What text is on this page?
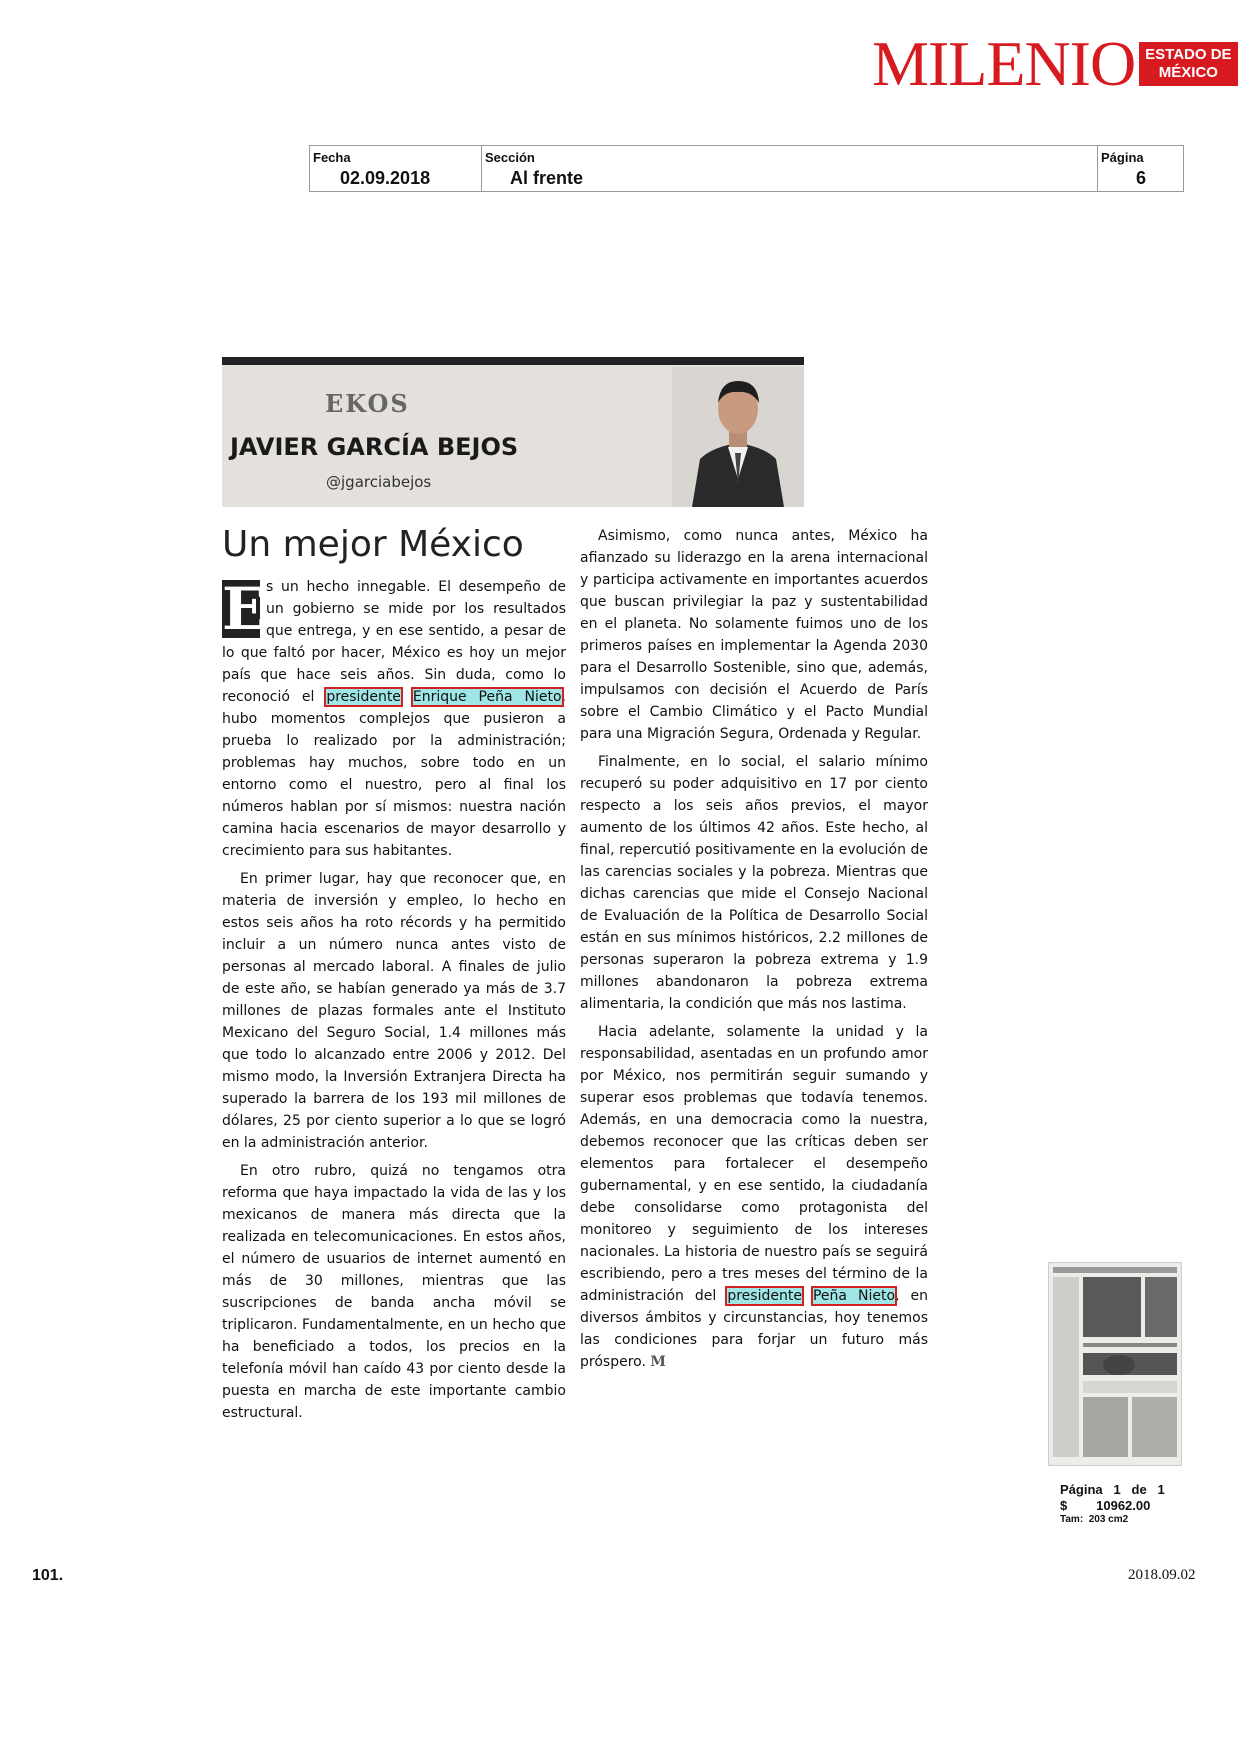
MILENIO ESTADO DE
MÉXICO
Fecha
02.09.2018
Sección
Al frente
Página
6
EKOS
JAVIER GARCÍA BEJOS
@jgarciabejos
Un mejor México

E s un hecho innegable. El desempeño de un gobierno se mide por los resultados que entrega, y en ese sentido, a pesar de lo que faltó por hacer, México es hoy un mejor país que hace seis años. Sin duda, como lo reconoció el presidente Enrique Peña Nieto, hubo momentos complejos que pusieron a prueba lo realizado por la administración; problemas hay muchos, sobre todo en un entorno como el nuestro, pero al final los números hablan por sí mismos: nuestra nación camina hacia escenarios de mayor desarrollo y crecimiento para sus habitantes.

En primer lugar, hay que reconocer que, en materia de inversión y empleo, lo hecho en estos seis años ha roto récords y ha permitido incluir a un número nunca antes visto de personas al mercado laboral. A finales de julio de este año, se habían generado ya más de 3.7 millones de plazas formales ante el Instituto Mexicano del Seguro Social, 1.4 millones más que todo lo alcanzado entre 2006 y 2012. Del mismo modo, la Inversión Extranjera Directa ha superado la barrera de los 193 mil millones de dólares, 25 por ciento superior a lo que se logró en la administración anterior.

En otro rubro, quizá no tengamos otra reforma que haya impactado la vida de las y los mexicanos de manera más directa que la realizada en telecomunicaciones. En estos años, el número de usuarios de internet aumentó en más de 30 millones, mientras que las suscripciones de banda ancha móvil se triplicaron. Fundamentalmente, en un hecho que ha beneficiado a todos, los precios en la telefonía móvil han caído 43 por ciento desde la puesta en marcha de este importante cambio estructural.

Asimismo, como nunca antes, México ha afianzado su liderazgo en la arena internacional y participa activamente en importantes acuerdos que buscan privilegiar la paz y sustentabilidad en el planeta. No solamente fuimos uno de los primeros países en implementar la Agenda 2030 para el Desarrollo Sostenible, sino que, además, impulsamos con decisión el Acuerdo de París sobre el Cambio Climático y el Pacto Mundial para una Migración Segura, Ordenada y Regular.

Finalmente, en lo social, el salario mínimo recuperó su poder adquisitivo en 17 por ciento respecto a los seis años previos, el mayor aumento de los últimos 42 años. Este hecho, al final, repercutió positivamente en la evolución de las carencias sociales y la pobreza. Mientras que dichas carencias que mide el Consejo Nacional de Evaluación de la Política de Desarrollo Social están en sus mínimos históricos, 2.2 millones de personas superaron la pobreza extrema y 1.9 millones abandonaron la pobreza extrema alimentaria, la condición que más nos lastima.

Hacia adelante, solamente la unidad y la responsabilidad, asentadas en un profundo amor por México, nos permitirán seguir sumando y superar esos problemas que todavía tenemos. Además, en una democracia como la nuestra, debemos reconocer que las críticas deben ser elementos para fortalecer el desempeño gubernamental, y en ese sentido, la ciudadanía debe consolidarse como protagonista del monitoreo y seguimiento de los intereses nacionales. La historia de nuestro país se seguirá escribiendo, pero a tres meses del término de la administración del presidente Peña Nieto, en diversos ámbitos y circunstancias, hoy tenemos las condiciones para forjar un futuro más próspero. M

Página   1   de   1
$        10962.00
Tam:  203 cm2
101.	2018.09.02
